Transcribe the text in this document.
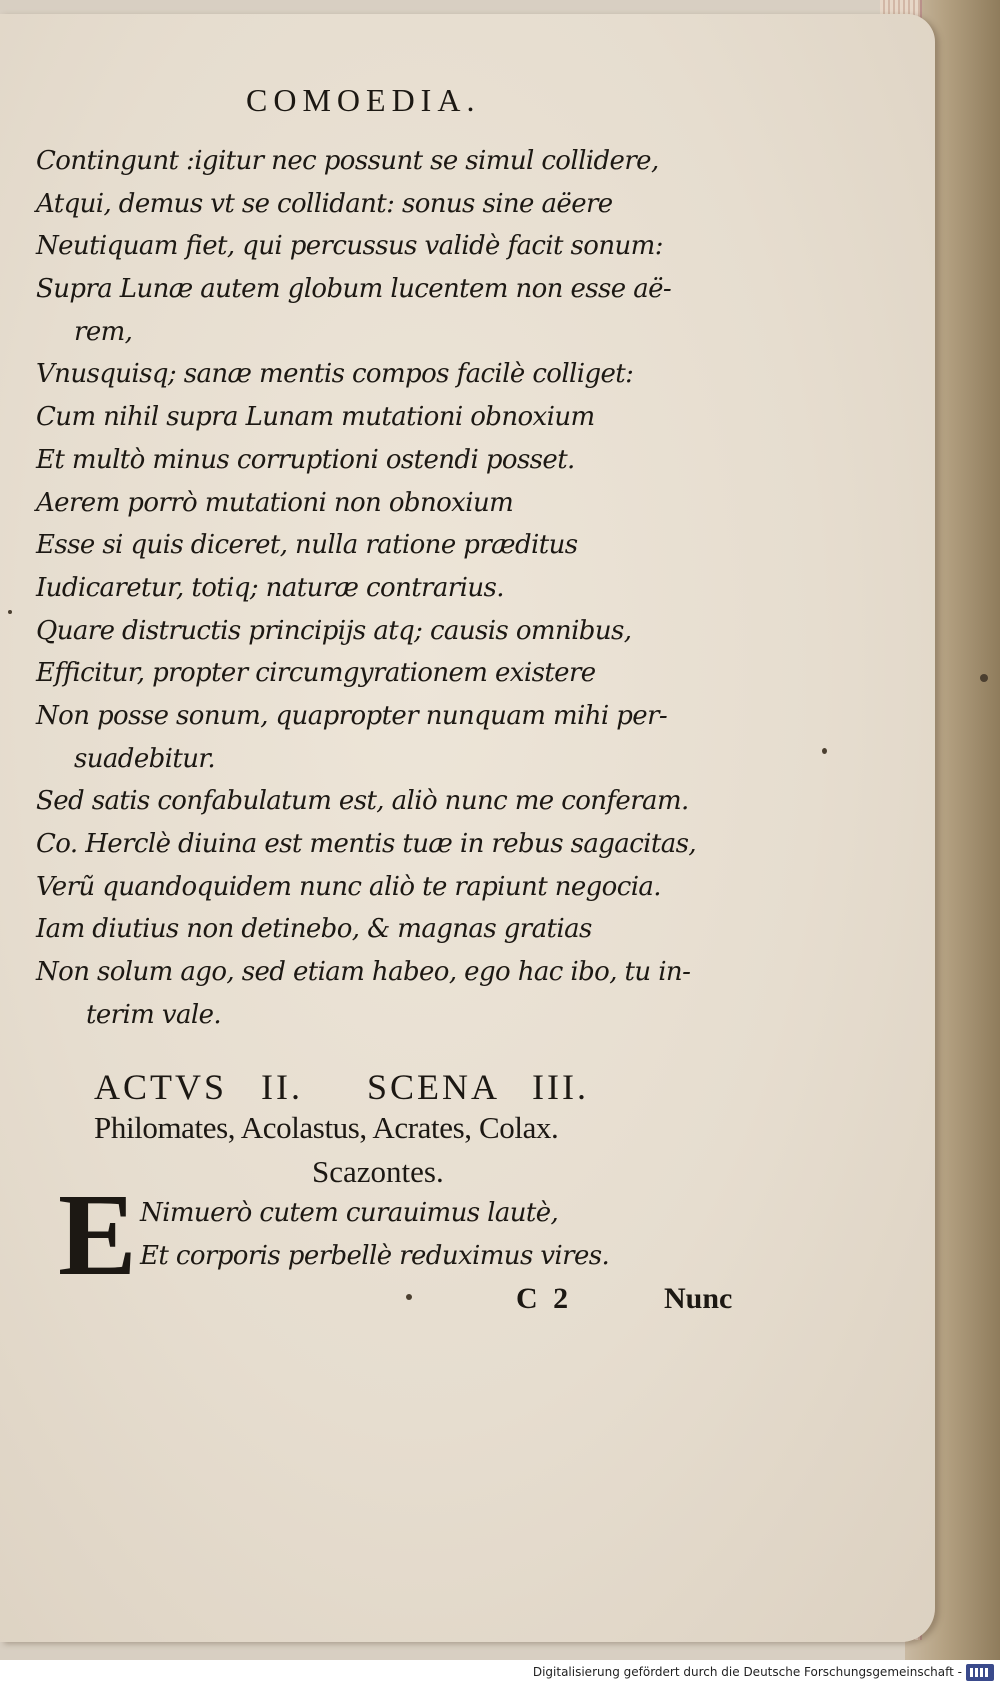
COMOEDIA.
Contingunt :igitur nec possunt se simul collidere,
Atqui, demus vt se collidant: sonus sine aëere
Neutiquam fiet, qui percussus validè facit sonum:
Supra Lunæ autem globum lucentem non esse aë-
rem,
Vnusquisq; sanæ mentis compos facilè colliget:
Cum nihil supra Lunam mutationi obnoxium
Et multò minus corruptioni ostendi posset.
Aerem porrò mutationi non obnoxium
Esse si quis diceret, nulla ratione præditus
Iudicaretur, totiq; naturæ contrarius.
Quare distructis principijs atq; causis omnibus,
Efficitur, propter circumgyrationem existere
Non posse sonum, quapropter nunquam mihi per-
suadebitur.
Sed satis confabulatum est, aliò nunc me conferam.
Co. Herclè diuina est mentis tuæ in rebus sagacitas,
Verũ quandoquidem nunc aliò te rapiunt negocia.
Iam diutius non detinebo, & magnas gratias
Non solum ago, sed etiam habeo, ego hac ibo, tu in-
terim vale.
ACTVS II. SCENA III.
Philomates, Acolastus, Acrates, Colax.
Scazontes.
E Nimuerò cutem curauimus lautè,
Et corporis perbellè reduximus vires.
C 2	Nunc
Digitalisierung gefördert durch die Deutsche Forschungsgemeinschaft -
